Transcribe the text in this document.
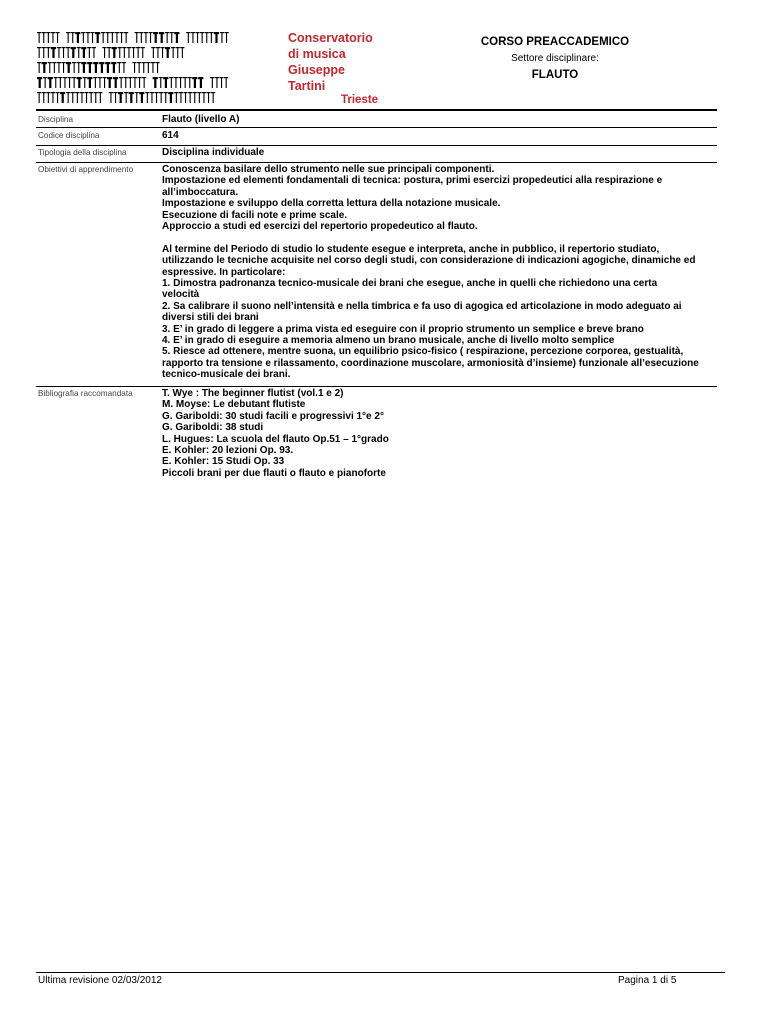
Conservatorio
di musica
Giuseppe
Tartini
Trieste
CORSO PREACCADEMICO
Settore disciplinare:
FLAUTO
Disciplina	Flauto (livello A)
Codice disciplina	614
Tipologia della disciplina	Disciplina individuale
Obiettivi di apprendimento	Conoscenza basilare dello strumento nelle sue principali componenti.
Impostazione ed elementi fondamentali di tecnica: postura, primi esercizi propedeutici alla respirazione e
all’imboccatura.
Impostazione e sviluppo della corretta lettura della notazione musicale.
Esecuzione di facili note e prime scale.
Approccio a studi ed esercizi del repertorio propedeutico al flauto.
Al termine del Periodo di studio lo studente esegue e interpreta, anche in pubblico, il repertorio studiato,
utilizzando le tecniche acquisite nel corso degli studi, con considerazione di indicazioni agogiche, dinamiche ed
espressive. In particolare:
1. Dimostra padronanza tecnico-musicale dei brani che esegue, anche in quelli che richiedono una certa
velocità
2. Sa calibrare il suono nell’intensità e nella timbrica e fa uso di agogica ed articolazione in modo adeguato ai
diversi stili dei brani
3. E’ in grado di leggere a prima vista ed eseguire con il proprio strumento un semplice e breve brano
4. E’ in grado di eseguire a memoria almeno un brano musicale, anche di livello molto semplice
5. Riesce ad ottenere, mentre suona, un equilibrio psico-fisico ( respirazione, percezione corporea, gestualità,
rapporto tra tensione e rilassamento, coordinazione muscolare, armoniosità d’insieme) funzionale all’esecuzione
tecnico-musicale dei brani.
Bibliografia raccomandata	T. Wye : The beginner flutist (vol.1 e 2)
M. Moyse: Le debutant flutiste
G. Gariboldi: 30 studi facili e progressivi 1°e 2°
G. Gariboldi: 38 studi
L. Hugues: La scuola del flauto Op.51 – 1°grado
E. Kohler: 20 lezioni Op. 93.
E. Kohler: 15 Studi Op. 33
Piccoli brani per due flauti o flauto e pianoforte
Ultima revisione 02/03/2012	Pagina 1 di 5
